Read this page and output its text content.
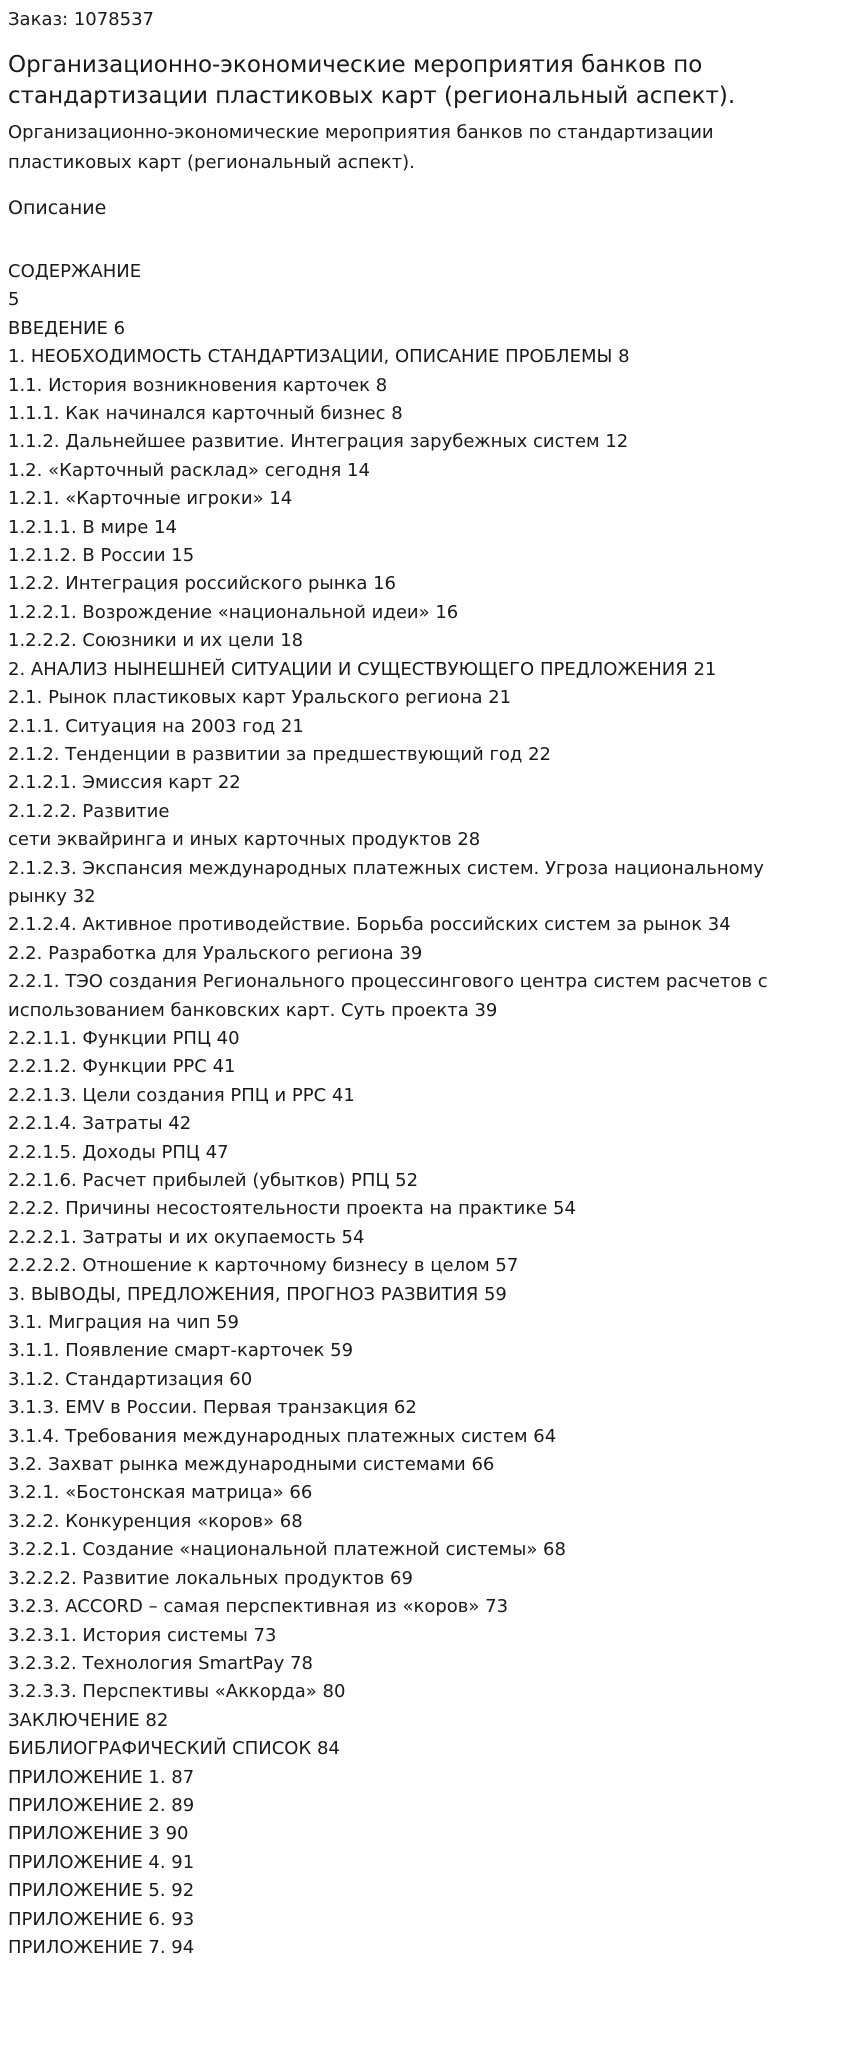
Заказ: 1078537
Организационно-экономические мероприятия банков по стандартизации пластиковых карт (региональный аспект).
Организационно-экономические мероприятия банков по стандартизации пластиковых карт (региональный аспект).
Описание
СОДЕРЖАНИЕ
5
ВВЕДЕНИЕ 6
1. НЕОБХОДИМОСТЬ СТАНДАРТИЗАЦИИ, ОПИСАНИЕ ПРОБЛЕМЫ 8
1.1. История возникновения карточек 8
1.1.1. Как начинался карточный бизнес 8
1.1.2. Дальнейшее развитие. Интеграция зарубежных систем 12
1.2. «Карточный расклад» сегодня 14
1.2.1. «Карточные игроки» 14
1.2.1.1. В мире 14
1.2.1.2. В России 15
1.2.2. Интеграция российского рынка 16
1.2.2.1. Возрождение «национальной идеи» 16
1.2.2.2. Союзники и их цели 18
2. АНАЛИЗ НЫНЕШНЕЙ СИТУАЦИИ И СУЩЕСТВУЮЩЕГО ПРЕДЛОЖЕНИЯ 21
2.1. Рынок пластиковых карт Уральского региона 21
2.1.1. Ситуация на 2003 год 21
2.1.2. Тенденции в развитии за предшествующий год 22
2.1.2.1. Эмиссия карт 22
2.1.2.2. Развитие
сети эквайринга и иных карточных продуктов 28
2.1.2.3. Экспансия международных платежных систем. Угроза национальному рынку 32
2.1.2.4. Активное противодействие. Борьба российских систем за рынок 34
2.2. Разработка для Уральского региона 39
2.2.1. ТЭО создания Регионального процессингового центра систем расчетов с использованием банковских карт. Суть проекта 39
2.2.1.1. Функции РПЦ 40
2.2.1.2. Функции РРС 41
2.2.1.3. Цели создания РПЦ и РРС 41
2.2.1.4. Затраты 42
2.2.1.5. Доходы РПЦ 47
2.2.1.6. Расчет прибылей (убытков) РПЦ 52
2.2.2. Причины несостоятельности проекта на практике 54
2.2.2.1. Затраты и их окупаемость 54
2.2.2.2. Отношение к карточному бизнесу в целом 57
3. ВЫВОДЫ, ПРЕДЛОЖЕНИЯ, ПРОГНОЗ РАЗВИТИЯ 59
3.1. Миграция на чип 59
3.1.1. Появление смарт-карточек 59
3.1.2. Стандартизация 60
3.1.3. EMV в России. Первая транзакция 62
3.1.4. Требования международных платежных систем 64
3.2. Захват рынка международными системами 66
3.2.1. «Бостонская матрица» 66
3.2.2. Конкуренция «коров» 68
3.2.2.1. Создание «национальной платежной системы» 68
3.2.2.2. Развитие локальных продуктов 69
3.2.3. ACCORD – самая перспективная из «коров» 73
3.2.3.1. История системы 73
3.2.3.2. Технология SmartPay 78
3.2.3.3. Перспективы «Аккорда» 80
ЗАКЛЮЧЕНИЕ 82
БИБЛИОГРАФИЧЕСКИЙ СПИСОК 84
ПРИЛОЖЕНИЕ 1. 87
ПРИЛОЖЕНИЕ 2. 89
ПРИЛОЖЕНИЕ 3 90
ПРИЛОЖЕНИЕ 4. 91
ПРИЛОЖЕНИЕ 5. 92
ПРИЛОЖЕНИЕ 6. 93
ПРИЛОЖЕНИЕ 7. 94
